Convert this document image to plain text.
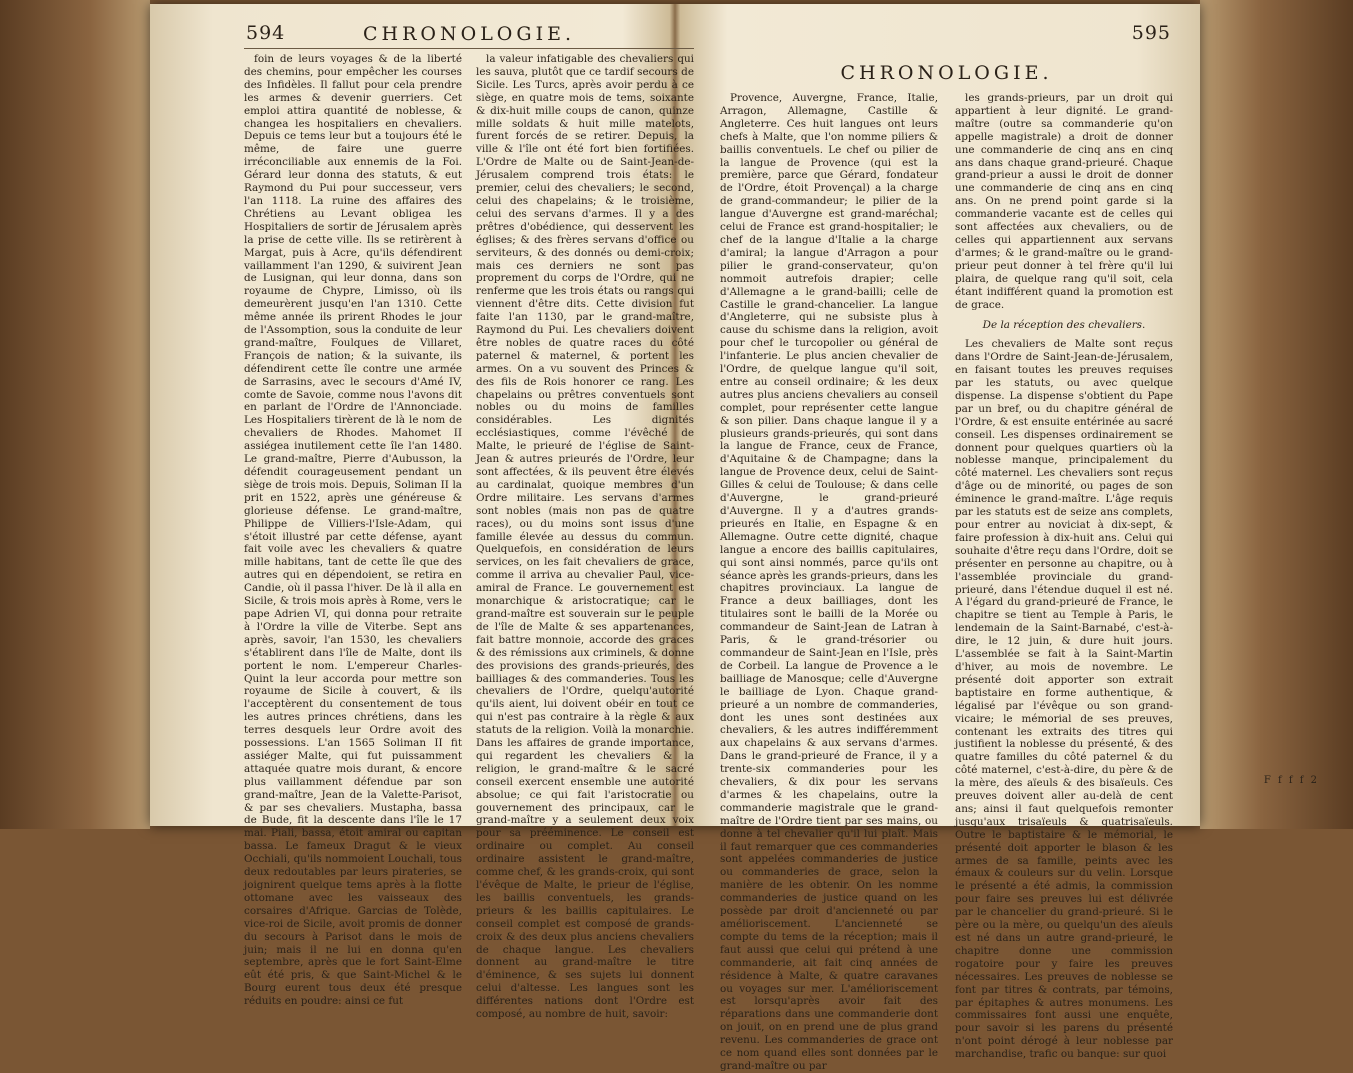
594	CHRONOLOGIE.

foin de leurs voyages & de la liberté des chemins, pour empêcher les courses des Infidèles. Il fallut pour cela prendre les armes & devenir guerriers. Cet emploi attira quantité de noblesse, & changea les hospitaliers en chevaliers. Depuis ce tems leur but a toujours été le même, de faire une guerre irréconciliable aux ennemis de la Foi. Gérard leur donna des statuts, & eut Raymond du Pui pour successeur, vers l'an 1118. La ruine des affaires des Chrétiens au Levant obligea les Hospitaliers de sortir de Jérusalem après la prise de cette ville. Ils se retirèrent à Margat, puis à Acre, qu'ils défendirent vaillamment l'an 1290, & suivirent Jean de Lusignan, qui leur donna, dans son royaume de Chypre, Limisso, où ils demeurèrent jusqu'en l'an 1310. Cette même année ils prirent Rhodes le jour de l'Assomption, sous la conduite de leur grand-maître, Foulques de Villaret, François de nation; & la suivante, ils défendirent cette île contre une armée de Sarrasins, avec le secours d'Amé IV, comte de Savoie, comme nous l'avons dit en parlant de l'Ordre de l'Annonciade. Les Hospitaliers tirèrent de là le nom de chevaliers de Rhodes. Mahomet II assiégea inutilement cette île l'an 1480. Le grand-maître, Pierre d'Aubusson, la défendit courageusement pendant un siège de trois mois. Depuis, Soliman II la prit en 1522, après une généreuse & glorieuse défense. Le grand-maître, Philippe de Villiers-l'Isle-Adam, qui s'étoit illustré par cette défense, ayant fait voile avec les chevaliers & quatre mille habitans, tant de cette île que des autres qui en dépendoient, se retira en Candie, où il passa l'hiver. De là il alla en Sicile, & trois mois après à Rome, vers le pape Adrien VI, qui donna pour retraite à l'Ordre la ville de Viterbe. Sept ans après, savoir, l'an 1530, les chevaliers s'établirent dans l'île de Malte, dont ils portent le nom. L'empereur Charles-Quint la leur accorda pour mettre son royaume de Sicile à couvert, & ils l'acceptèrent du consentement de tous les autres princes chrétiens, dans les terres desquels leur Ordre avoit des possessions. L'an 1565 Soliman II fit assiéger Malte, qui fut puissamment attaquée quatre mois durant, & encore plus vaillamment défendue par son grand-maître, Jean de la Valette-Parisot, & par ses chevaliers. Mustapha, bassa de Bude, fit la descente dans l'île le 17 mai. Piali, bassa, étoit amiral ou capitan bassa. Le fameux Dragut & le vieux Occhiali, qu'ils nommoient Louchali, tous deux redoutables par leurs pirateries, se joignirent quelque tems après à la flotte ottomane avec les vaisseaux des corsaires d'Afrique. Garcias de Tolède, vice-roi de Sicile, avoit promis de donner du secours à Parisot dans le mois de juin; mais il ne lui en donna qu'en septembre, après que le fort Saint-Elme eût été pris, & que Saint-Michel & le Bourg eurent tous deux été presque réduits en poudre: ainsi ce fut

la valeur infatigable des chevaliers qui les sauva, plutôt que ce tardif secours de Sicile. Les Turcs, après avoir perdu à ce siège, en quatre mois de tems, soixante & dix-huit mille coups de canon, quinze mille soldats & huit mille matelots, furent forcés de se retirer. Depuis, la ville & l'île ont été fort bien fortifiées. L'Ordre de Malte ou de Saint-Jean-de-Jérusalem comprend trois états: le premier, celui des chevaliers; le second, celui des chapelains; & le troisième, celui des servans d'armes. Il y a des prêtres d'obédience, qui desservent les églises; & des frères servans d'office ou serviteurs, & des donnés ou demi-croix; mais ces derniers ne sont pas proprement du corps de l'Ordre, qui ne renferme que les trois états ou rangs qui viennent d'être dits. Cette division fut faite l'an 1130, par le grand-maître, Raymond du Pui. Les chevaliers doivent être nobles de quatre races du côté paternel & maternel, & portent les armes. On a vu souvent des Princes & des fils de Rois honorer ce rang. Les chapelains ou prêtres conventuels sont nobles ou du moins de familles considérables. Les dignités ecclésiastiques, comme l'évêché de Malte, le prieuré de l'église de Saint-Jean & autres prieurés de l'Ordre, leur sont affectées, & ils peuvent être élevés au cardinalat, quoique membres d'un Ordre militaire. Les servans d'armes sont nobles (mais non pas de quatre races), ou du moins sont issus d'une famille élevée au dessus du commun. Quelquefois, en considération de leurs services, on les fait chevaliers de grace, comme il arriva au chevalier Paul, vice-amiral de France. Le gouvernement est monarchique & aristocratique; car le grand-maître est souverain sur le peuple de l'île de Malte & ses appartenances, fait battre monnoie, accorde des graces & des rémissions aux criminels, & donne des provisions des grands-prieurés, des bailliages & des commanderies. Tous les chevaliers de l'Ordre, quelqu'autorité qu'ils aient, lui doivent obéir en tout ce qui n'est pas contraire à la règle & aux statuts de la religion. Voilà la monarchie. Dans les affaires de grande importance, qui regardent les chevaliers & la religion, le grand-maître & le sacré conseil exercent ensemble une autorité absolue; ce qui fait l'aristocratie ou gouvernement des principaux, car le grand-maître y a seulement deux voix pour sa prééminence. Le conseil est ordinaire ou complet. Au conseil ordinaire assistent le grand-maître, comme chef, & les grands-croix, qui sont l'évêque de Malte, le prieur de l'église, les baillis conventuels, les grands-prieurs & les baillis capitulaires. Le conseil complet est composé de grands-croix & des deux plus anciens chevaliers de chaque langue. Les chevaliers donnent au grand-maître le titre d'éminence, & ses sujets lui donnent celui d'altesse. Les langues sont les différentes nations dont l'Ordre est composé, au nombre de huit, savoir:

595
CHRONOLOGIE.

Provence, Auvergne, France, Italie, Arragon, Allemagne, Castille & Angleterre. Ces huit langues ont leurs chefs à Malte, que l'on nomme piliers & baillis conventuels. Le chef ou pilier de la langue de Provence (qui est la première, parce que Gérard, fondateur de l'Ordre, étoit Provençal) a la charge de grand-commandeur; le pilier de la langue d'Auvergne est grand-maréchal; celui de France est grand-hospitalier; le chef de la langue d'Italie a la charge d'amiral; la langue d'Arragon a pour pilier le grand-conservateur, qu'on nommoit autrefois drapier; celle d'Allemagne a le grand-bailli; celle de Castille le grand-chancelier. La langue d'Angleterre, qui ne subsiste plus à cause du schisme dans la religion, avoit pour chef le turcopolier ou général de l'infanterie. Le plus ancien chevalier de l'Ordre, de quelque langue qu'il soit, entre au conseil ordinaire; & les deux autres plus anciens chevaliers au conseil complet, pour représenter cette langue & son pilier. Dans chaque langue il y a plusieurs grands-prieurés, qui sont dans la langue de France, ceux de France, d'Aquitaine & de Champagne; dans la langue de Provence deux, celui de Saint-Gilles & celui de Toulouse; & dans celle d'Auvergne, le grand-prieuré d'Auvergne. Il y a d'autres grands-prieurés en Italie, en Espagne & en Allemagne. Outre cette dignité, chaque langue a encore des baillis capitulaires, qui sont ainsi nommés, parce qu'ils ont séance après les grands-prieurs, dans les chapitres provinciaux. La langue de France a deux bailliages, dont les titulaires sont le bailli de la Morée ou commandeur de Saint-Jean de Latran à Paris, & le grand-trésorier ou commandeur de Saint-Jean en l'Isle, près de Corbeil. La langue de Provence a le bailliage de Manosque; celle d'Auvergne le bailliage de Lyon. Chaque grand-prieuré a un nombre de commanderies, dont les unes sont destinées aux chevaliers, & les autres indifféremment aux chapelains & aux servans d'armes. Dans le grand-prieuré de France, il y a trente-six commanderies pour les chevaliers, & dix pour les servans d'armes & les chapelains, outre la commanderie magistrale que le grand-maître de l'Ordre tient par ses mains, ou donne à tel chevalier qu'il lui plaît. Mais il faut remarquer que ces commanderies sont appelées commanderies de justice ou commanderies de grace, selon la manière de les obtenir. On les nomme commanderies de justice quand on les possède par droit d'ancienneté ou par amélioriscement. L'ancienneté se compte du tems de la réception; mais il faut aussi que celui qui prétend à une commanderie, ait fait cinq années de résidence à Malte, & quatre caravanes ou voyages sur mer. L'amélioriscement est lorsqu'après avoir fait des réparations dans une commanderie dont on jouit, on en prend une de plus grand revenu. Les commanderies de grace ont ce nom quand elles sont données par le grand-maître ou par

les grands-prieurs, par un droit qui appartient à leur dignité. Le grand-maître (outre sa commanderie qu'on appelle magistrale) a droit de donner une commanderie de cinq ans en cinq ans dans chaque grand-prieuré. Chaque grand-prieur a aussi le droit de donner une commanderie de cinq ans en cinq ans. On ne prend point garde si la commanderie vacante est de celles qui sont affectées aux chevaliers, ou de celles qui appartiennent aux servans d'armes; & le grand-maître ou le grand-prieur peut donner à tel frère qu'il lui plaira, de quelque rang qu'il soit, cela étant indifférent quand la promotion est de grace.

De la réception des chevaliers.

Les chevaliers de Malte sont reçus dans l'Ordre de Saint-Jean-de-Jérusalem, en faisant toutes les preuves requises par les statuts, ou avec quelque dispense. La dispense s'obtient du Pape par un bref, ou du chapitre général de l'Ordre, & est ensuite entérinée au sacré conseil. Les dispenses ordinairement se donnent pour quelques quartiers où la noblesse manque, principalement du côté maternel. Les chevaliers sont reçus d'âge ou de minorité, ou pages de son éminence le grand-maître. L'âge requis par les statuts est de seize ans complets, pour entrer au noviciat à dix-sept, & faire profession à dix-huit ans. Celui qui souhaite d'être reçu dans l'Ordre, doit se présenter en personne au chapitre, ou à l'assemblée provinciale du grand-prieuré, dans l'étendue duquel il est né. A l'égard du grand-prieuré de France, le chapitre se tient au Temple à Paris, le lendemain de la Saint-Barnabé, c'est-à-dire, le 12 juin, & dure huit jours. L'assemblée se fait à la Saint-Martin d'hiver, au mois de novembre. Le présenté doit apporter son extrait baptistaire en forme authentique, & légalisé par l'évêque ou son grand-vicaire; le mémorial de ses preuves, contenant les extraits des titres qui justifient la noblesse du présenté, & des quatre familles du côté paternel & du côté maternel, c'est-à-dire, du père & de la mère, des aïeuls & des bisaïeuls. Ces preuves doivent aller au-delà de cent ans; ainsi il faut quelquefois remonter jusqu'aux trisaïeuls & quatrisaïeuls. Outre le baptistaire & le mémorial, le présenté doit apporter le blason & les armes de sa famille, peints avec les émaux & couleurs sur du velin. Lorsque le présenté a été admis, la commission pour faire ses preuves lui est délivrée par le chancelier du grand-prieuré. Si le père ou la mère, ou quelqu'un des aïeuls est né dans un autre grand-prieuré, le chapitre donne une commission rogatoire pour y faire les preuves nécessaires. Les preuves de noblesse se font par titres & contrats, par témoins, par épitaphes & autres monumens. Les commissaires font aussi une enquête, pour savoir si les parens du présenté n'ont point dérogé à leur noblesse par marchandise, trafic ou banque: sur quoi

F f f f 2
